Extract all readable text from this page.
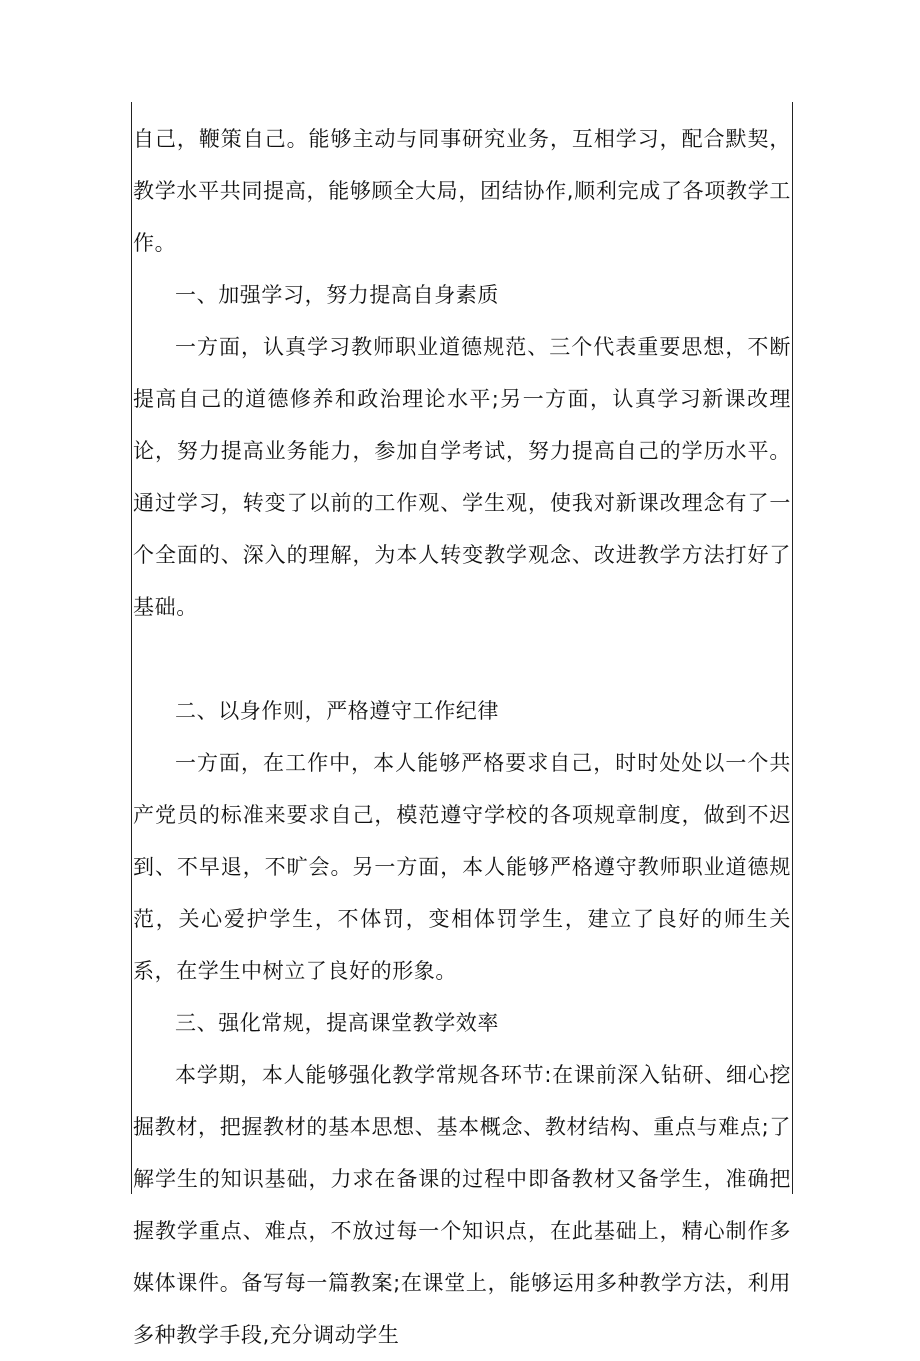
自己，鞭策自己。能够主动与同事研究业务，互相学习，配合默契，教学水平共同提高，能够顾全大局，团结协作,顺利完成了各项教学工作。

一、加强学习，努力提高自身素质

一方面，认真学习教师职业道德规范、三个代表重要思想，不断提高自己的道德修养和政治理论水平;另一方面，认真学习新课改理论，努力提高业务能力，参加自学考试，努力提高自己的学历水平。通过学习，转变了以前的工作观、学生观，使我对新课改理念有了一个全面的、深入的理解，为本人转变教学观念、改进教学方法打好了基础。

二、以身作则，严格遵守工作纪律

一方面，在工作中，本人能够严格要求自己，时时处处以一个共产党员的标准来要求自己，模范遵守学校的各项规章制度，做到不迟到、不早退，不旷会。另一方面，本人能够严格遵守教师职业道德规范，关心爱护学生，不体罚，变相体罚学生，建立了良好的师生关系，在学生中树立了良好的形象。

三、强化常规，提高课堂教学效率

本学期，本人能够强化教学常规各环节:在课前深入钻研、细心挖掘教材，把握教材的基本思想、基本概念、教材结构、重点与难点;了解学生的知识基础，力求在备课的过程中即备教材又备学生，准确把握教学重点、难点，不放过每一个知识点，在此基础上，精心制作多媒体课件。备写每一篇教案;在课堂上，能够运用多种教学方法，利用多种教学手段,充分调动学生
